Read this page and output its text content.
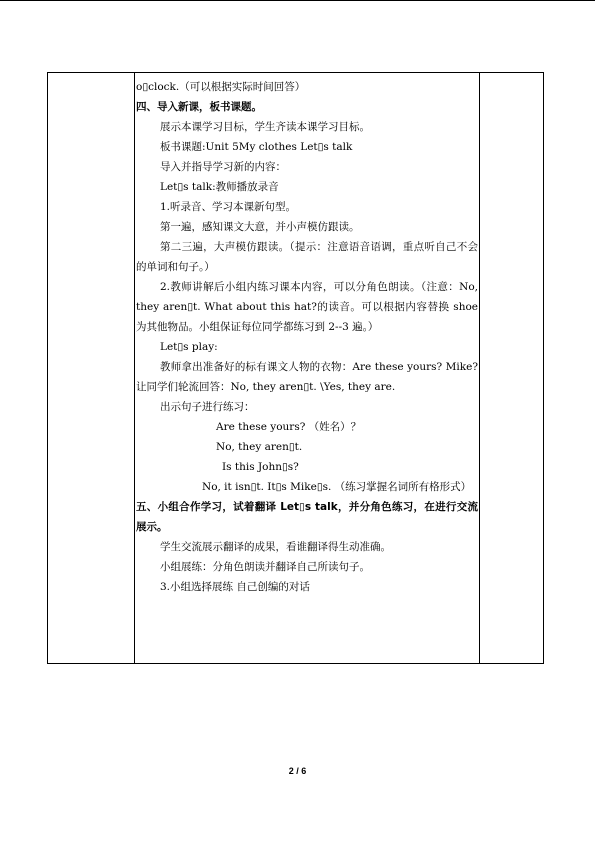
o▯clock.（可以根据实际时间回答）

四、导入新课，板书课题。

展示本课学习目标，学生齐读本课学习目标。

板书课题:Unit 5My clothes Let▯s talk

导入并指导学习新的内容：

Let▯s talk:教师播放录音

1.听录音、学习本课新句型。

第一遍，感知课文大意，并小声模仿跟读。

第二三遍，大声模仿跟读。（提示：注意语音语调，重点听自己不会的单词和句子。）

2.教师讲解后小组内练习课本内容，可以分角色朗读。（注意：No, they aren▯t. What about this hat?的读音。可以根据内容替换 shoe 为其他物品。小组保证每位同学都练习到 2--3 遍。）

Let▯s play:

教师拿出准备好的标有课文人物的衣物：Are these yours? Mike? 让同学们轮流回答：No, they aren▯t. \Yes, they are.

出示句子进行练习：

Are these yours? （姓名）？

No, they aren▯t.

Is this John▯s?

No, it isn▯t. It▯s Mike▯s. （练习掌握名词所有格形式）

五、小组合作学习，试着翻译 Let▯s talk，并分角色练习，在进行交流展示。

学生交流展示翻译的成果，看谁翻译得生动准确。

小组展练：分角色朗读并翻译自己所读句子。

3.小组选择展练 自己创编的对话

2 / 6
